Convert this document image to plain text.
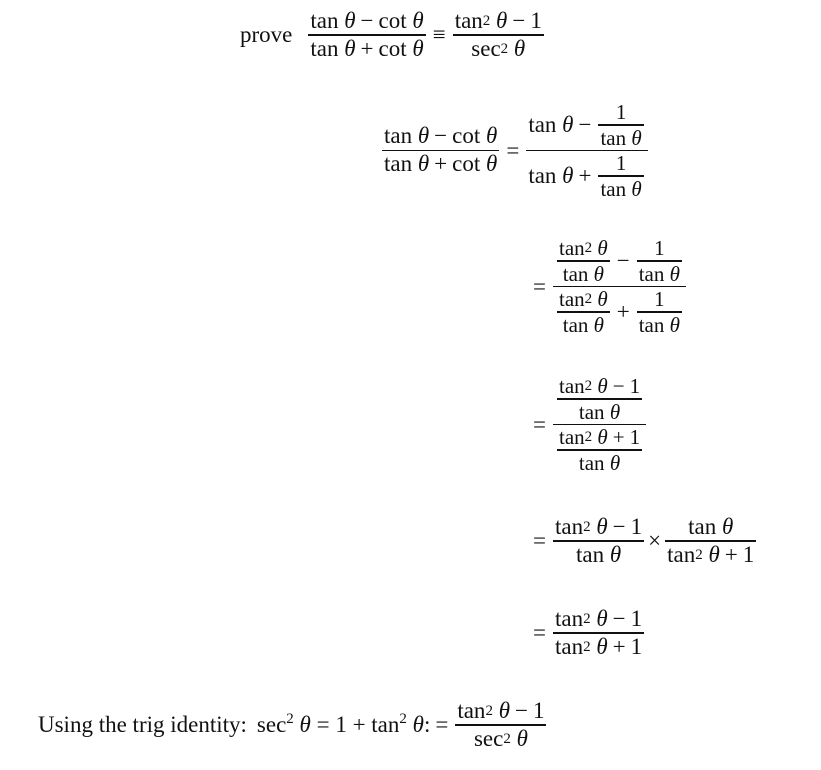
prove tan
θ − cot
θ
tan
θ + cot
θ ≡ tan 2
θ − 1
sec 2
θ
tan
θ − cot
θ
tan
θ + cot
θ = tan
θ − 1
tan
θ
tan
θ + 1
tan
θ
= tan 2
θ
tan
θ − 1
tan
θ
tan 2
θ
tan
θ + 1
tan
θ
= tan 2
θ − 1
tan
θ
tan 2
θ + 1
tan
θ
= tan 2
θ − 1
tan
θ × tan
θ
tan 2
θ + 1
= tan 2
θ − 1
tan 2
θ + 1
Using the trig identity: $\sec^2 \theta = 1 + \tan^2 \theta$: = tan 2
θ − 1
sec 2
θ
